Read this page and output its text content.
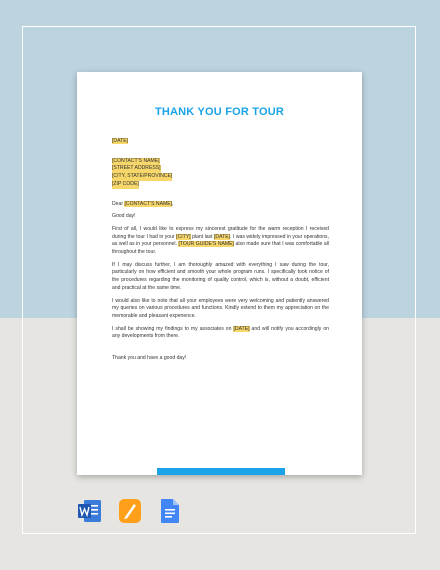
THANK YOU FOR TOUR

[DATE]

[CONTACT'S NAME]
[STREET ADDRESS]
[CITY, STATE/PROVINCE]
[ZIP CODE]

Dear [CONTACT'S NAME],

Good day!

First of all, I would like to express my sincerest gratitude for the warm reception I received during the tour I had in your [CITY] plant last [DATE]. I was widely impressed in your operations, as well as in your personnel. [TOUR GUIDE'S NAME] also made sure that I was comfortable all throughout the tour.

If I may discuss further, I am thoroughly amazed with everything I saw during the tour, particularly on how efficient and smooth your whole program runs. I specifically took notice of the procedures regarding the monitoring of quality control, which is, without a doubt, efficient and practical at the same time.

I would also like to note that all your employees were very welcoming and patiently answered my queries on various procedures and functions. Kindly extend to them my appreciation on the memorable and pleasant experience.

I shall be showing my findings to my associates on [DATE] and will notify you accordingly on any developments from there.

Thank you and have a good day!
